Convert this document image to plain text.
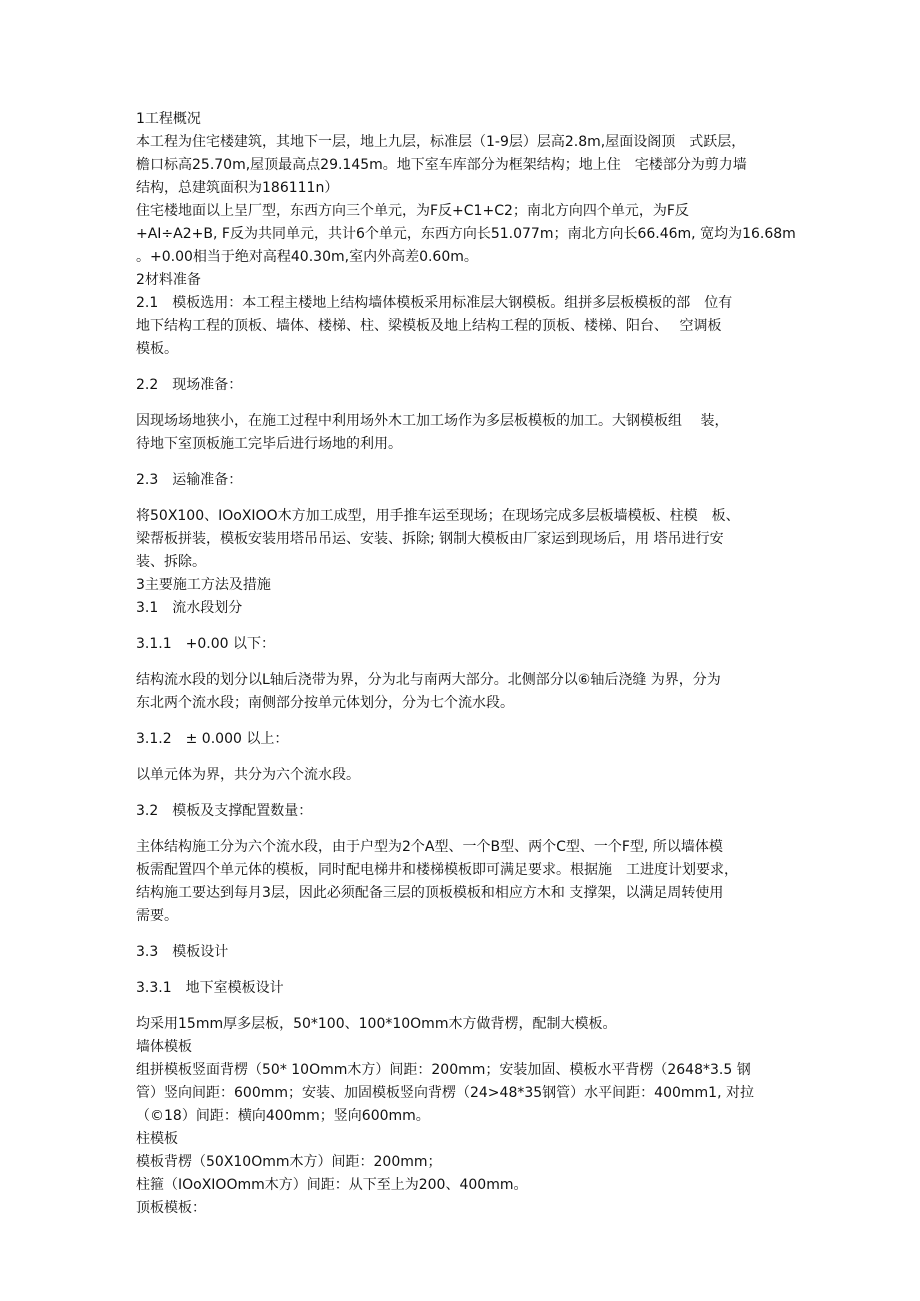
1工程概况
本工程为住宅楼建筑，其地下一层，地上九层，标准层（1-9层）层高2.8m,屋面设阁顶　式跃层，
檐口标高25.70m,屋顶最高点29.145m。地下室车库部分为框架结构；地上住　宅楼部分为剪力墙
结构，总建筑面积为186111n）
住宅楼地面以上呈厂型，东西方向三个单元，为F反+C1+C2；南北方向四个单元，为F反
+AI÷A2+B, F反为共同单元，共计6个单元，东西方向长51.077m；南北方向长66.46m, 宽均为16.68m
。+0.00相当于绝对高程40.30m,室内外高差0.60m。
2材料准备
2.1　模板选用：本工程主楼地上结构墙体模板采用标准层大钢模板。组拼多层板模板的部　位有
地下结构工程的顶板、墙体、楼梯、柱、梁模板及地上结构工程的顶板、楼梯、阳台、　 空调板
模板。
2.2　现场准备：
因现场场地狭小，在施工过程中利用场外木工加工场作为多层板模板的加工。大钢模板组　 装，
待地下室顶板施工完毕后进行场地的利用。
2.3　运输准备：
将50X100、IOoXIOO木方加工成型，用手推车运至现场；在现场完成多层板墙模板、柱模　板、
梁帮板拼装，模板安装用塔吊吊运、安装、拆除; 钢制大模板由厂家运到现场后，用 塔吊进行安
装、拆除。
3主要施工方法及措施
3.1　流水段划分
3.1.1　+0.00 以下：
结构流水段的划分以L轴后浇带为界，分为北与南两大部分。北侧部分以⑥轴后浇缝 为界，分为
东北两个流水段；南侧部分按单元体划分，分为七个流水段。
3.1.2　± 0.000 以上：
以单元体为界，共分为六个流水段。
3.2　模板及支撑配置数量：
主体结构施工分为六个流水段，由于户型为2个A型、一个B型、两个C型、一个F型, 所以墙体模
板需配置四个单元体的模板，同时配电梯井和楼梯模板即可满足要求。根据施　工进度计划要求，
结构施工要达到每月3层，因此必须配备三层的顶板模板和相应方木和 支撑架，以满足周转使用
需要。
3.3　模板设计
3.3.1　地下室模板设计
均采用15mm厚多层板，50*100、100*10Omm木方做背楞，配制大模板。
墙体模板
组拼模板竖面背楞（50* 10Omm木方）间距：200mm；安装加固、模板水平背楞（2648*3.5 钢
管）竖向间距：600mm；安装、加固模板竖向背楞（24>48*35钢管）水平间距：400mm1, 对拉
（©18）间距：横向400mm；竖向600mm。
柱模板
模板背楞（50X10Omm木方）间距：200mm；
柱箍（IOoXIOOmm木方）间距：从下至上为200、400mm。
顶板模板：
